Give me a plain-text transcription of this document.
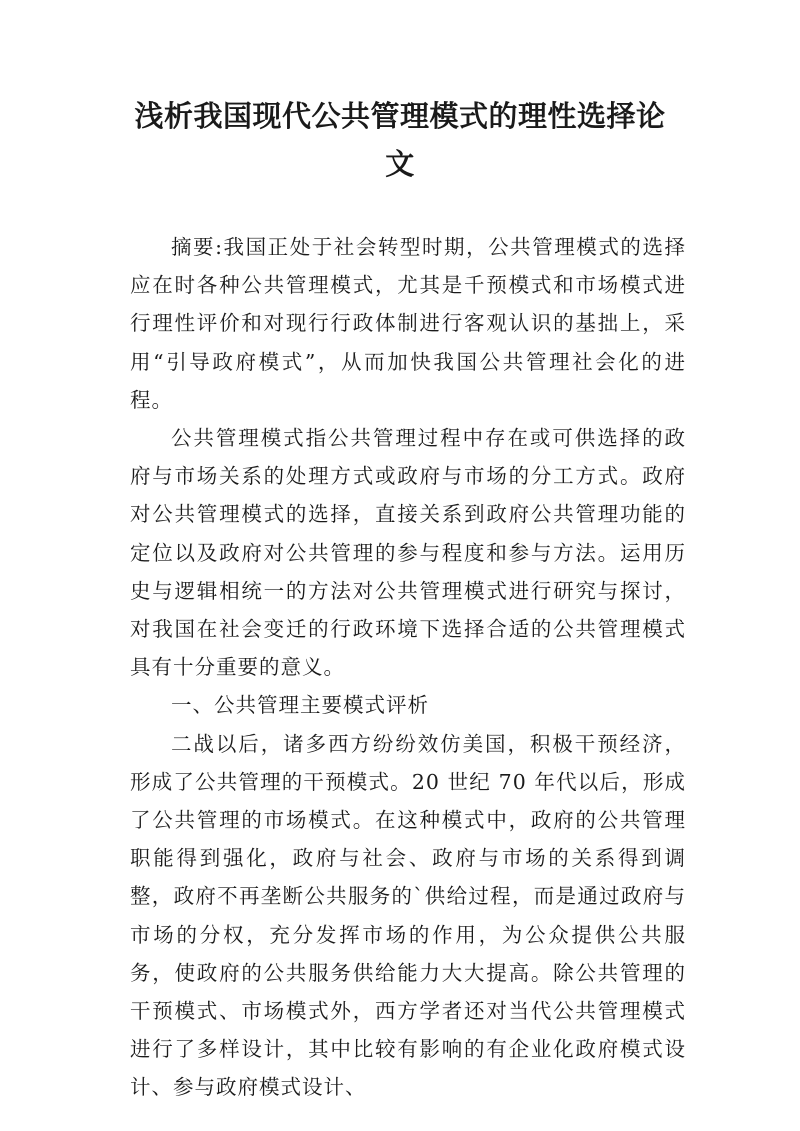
浅析我国现代公共管理模式的理性选择论文

摘要:我国正处于社会转型时期，公共管理模式的选择应在时各种公共管理模式，尤其是千预模式和市场模式进行理性评价和对现行行政体制进行客观认识的基拙上，采用“引导政府模式”，从而加快我国公共管理社会化的进程。

公共管理模式指公共管理过程中存在或可供选择的政府与市场关系的处理方式或政府与市场的分工方式。政府对公共管理模式的选择，直接关系到政府公共管理功能的定位以及政府对公共管理的参与程度和参与方法。运用历史与逻辑相统一的方法对公共管理模式进行研究与探讨，对我国在社会变迁的行政环境下选择合适的公共管理模式具有十分重要的意义。

一、公共管理主要模式评析

二战以后，诸多西方纷纷效仿美国，积极干预经济，形成了公共管理的干预模式。20 世纪 70 年代以后，形成了公共管理的市场模式。在这种模式中，政府的公共管理职能得到强化，政府与社会、政府与市场的关系得到调整，政府不再垄断公共服务的`供给过程，而是通过政府与市场的分权，充分发挥市场的作用，为公众提供公共服务，使政府的公共服务供给能力大大提高。除公共管理的干预模式、市场模式外，西方学者还对当代公共管理模式进行了多样设计，其中比较有影响的有企业化政府模式设计、参与政府模式设计、
